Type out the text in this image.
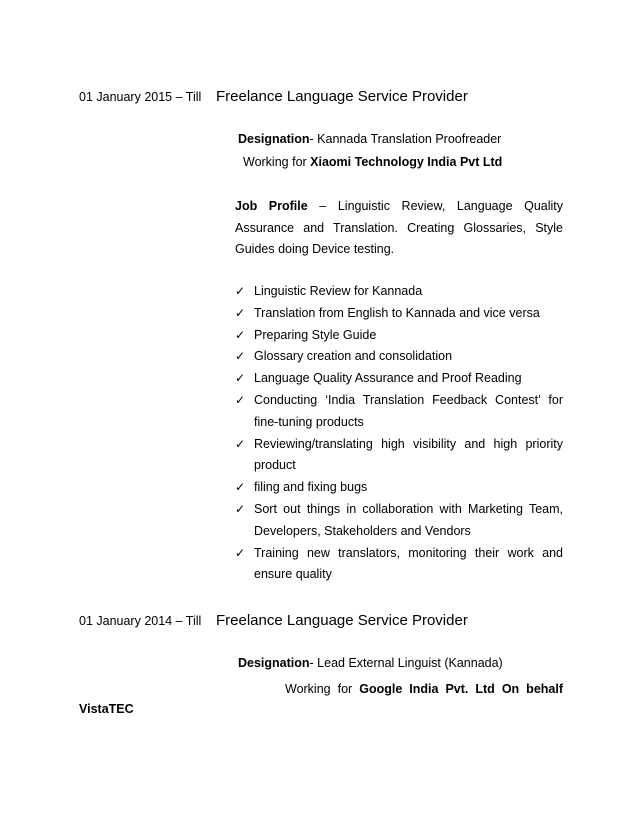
01 January 2015 – Till Freelance Language Service Provider
Designation- Kannada Translation Proofreader
Working for Xiaomi Technology India Pvt Ltd
Job Profile – Linguistic Review, Language Quality
Assurance and Translation. Creating Glossaries, Style
Guides doing Device testing.
✓ Linguistic Review for Kannada
✓ Translation from English to Kannada and vice versa
✓ Preparing Style Guide
✓ Glossary creation and consolidation
✓ Language Quality Assurance and Proof Reading
✓ Conducting ‘India Translation Feedback Contest’ for
fine-tuning products
✓ Reviewing/translating high visibility and high priority
product
✓ filing and fixing bugs
✓ Sort out things in collaboration with Marketing Team,
Developers, Stakeholders and Vendors
✓ Training new translators, monitoring their work and
ensure quality
01 January 2014 – Till Freelance Language Service Provider
Designation- Lead External Linguist (Kannada)
Working for Google India Pvt. Ltd On behalf
VistaTEC
